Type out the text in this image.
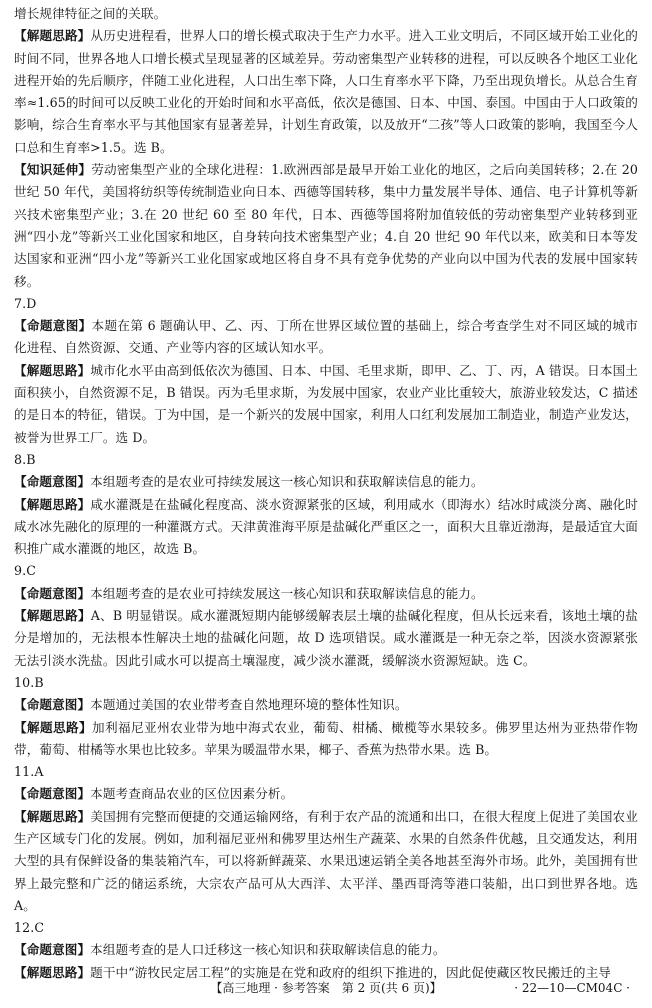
增长规律特征之间的关联。

【解题思路】从历史进程看，世界人口的增长模式取决于生产力水平。进入工业文明后，不同区域开始工业化的时间不同，世界各地人口增长模式呈现显著的区域差异。劳动密集型产业转移的进程，可以反映各个地区工业化进程开始的先后顺序，伴随工业化进程，人口出生率下降，人口生育率水平下降，乃至出现负增长。从总合生育率≈1.65的时间可以反映工业化的开始时间和水平高低，依次是德国、日本、中国、泰国。中国由于人口政策的影响，综合生育率水平与其他国家有显著差异，计划生育政策，以及放开“二孩”等人口政策的影响，我国至今人口总和生育率>1.5。选 B。

【知识延伸】劳动密集型产业的全球化进程：1.欧洲西部是最早开始工业化的地区，之后向美国转移；2.在 20 世纪 50 年代，美国将纺织等传统制造业向日本、西德等国转移，集中力量发展半导体、通信、电子计算机等新兴技术密集型产业；3.在 20 世纪 60 至 80 年代，日本、西德等国将附加值较低的劳动密集型产业转移到亚洲“四小龙”等新兴工业化国家和地区，自身转向技术密集型产业；4.自 20 世纪 90 年代以来，欧美和日本等发达国家和亚洲“四小龙”等新兴工业化国家或地区将自身不具有竞争优势的产业向以中国为代表的发展中国家转移。

7.D

【命题意图】本题在第 6 题确认甲、乙、丙、丁所在世界区域位置的基础上，综合考查学生对不同区域的城市化进程、自然资源、交通、产业等内容的区域认知水平。

【解题思路】城市化水平由高到低依次为德国、日本、中国、毛里求斯，即甲、乙、丁、丙，A 错误。日本国土面积狭小，自然资源不足，B 错误。丙为毛里求斯，为发展中国家，农业产业比重较大，旅游业较发达，C 描述的是日本的特征，错误。丁为中国，是一个新兴的发展中国家，利用人口红利发展加工制造业，制造产业发达，被誉为世界工厂。选 D。

8.B

【命题意图】本组题考查的是农业可持续发展这一核心知识和获取解读信息的能力。

【解题思路】咸水灌溉是在盐碱化程度高、淡水资源紧张的区域，利用咸水（即海水）结冰时咸淡分离、融化时咸水冰先融化的原理的一种灌溉方式。天津黄淮海平原是盐碱化严重区之一，面积大且靠近渤海，是最适宜大面积推广咸水灌溉的地区，故选 B。

9.C

【命题意图】本组题考查的是农业可持续发展这一核心知识和获取解读信息的能力。

【解题思路】A、B 明显错误。咸水灌溉短期内能够缓解表层土壤的盐碱化程度，但从长远来看，该地土壤的盐分是增加的，无法根本性解决土地的盐碱化问题，故 D 选项错误。咸水灌溉是一种无奈之举，因淡水资源紧张无法引淡水洗盐。因此引咸水可以提高土壤湿度，减少淡水灌溉，缓解淡水资源短缺。选 C。

10.B

【命题意图】本题通过美国的农业带考查自然地理环境的整体性知识。

【解题思路】加利福尼亚州农业带为地中海式农业，葡萄、柑橘、橄榄等水果较多。佛罗里达州为亚热带作物带，葡萄、柑橘等水果也比较多。苹果为暖温带水果，椰子、香蕉为热带水果。选 B。

11.A

【命题意图】本题考查商品农业的区位因素分析。

【解题思路】美国拥有完整而便捷的交通运输网络，有利于农产品的流通和出口，在很大程度上促进了美国农业生产区域专门化的发展。例如，加利福尼亚州和佛罗里达州生产蔬菜、水果的自然条件优越，且交通发达，利用大型的具有保鲜设备的集装箱汽车，可以将新鲜蔬菜、水果迅速运销全美各地甚至海外市场。此外，美国拥有世界上最完整和广泛的储运系统，大宗农产品可从大西洋、太平洋、墨西哥湾等港口装船，出口到世界各地。选 A。

12.C

【命题意图】本组题考查的是人口迁移这一核心知识和获取解读信息的能力。

【解题思路】题干中“游牧民定居工程”的实施是在党和政府的组织下推进的，因此促使藏区牧民搬迁的主导

【高三地理 · 参考答案　第 2 页(共 6 页)】	· 22—10—CM04C ·
